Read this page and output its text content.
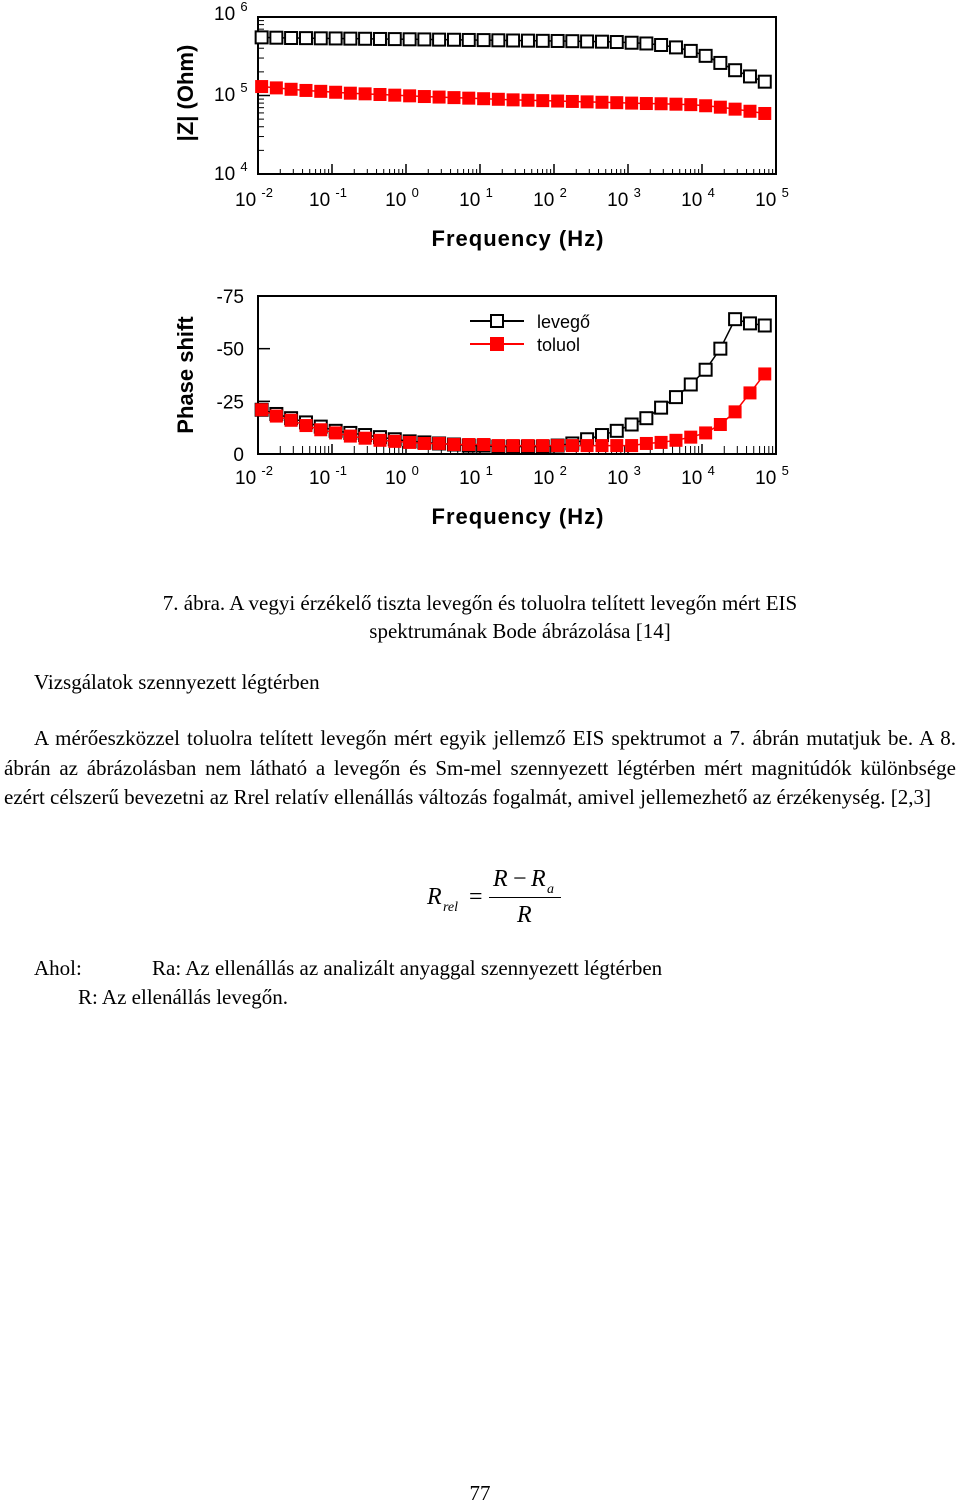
|Z| (Ohm)
Frequency (Hz)
10 $^{-2}$ 10 $^{-1}$ 10 $^0$ 10 $^1$ 10 $^2$ 10 $^3$ 10 $^4$ 10 $^5$
10 $^6$
10 $^5$
10 $^4$
Phase shift
Frequency (Hz)
10 $^{-2}$ 10 $^{-1}$ 10 $^0$ 10 $^1$ 10 $^2$ 10 $^3$ 10 $^4$ 10 $^5$
-75
-50
-25
0
levegő
toluol
7. ábra. A vegyi érzékelő tiszta levegőn és toluolra telített levegőn mért EIS
spektrumának Bode ábrázolása [14]
Vizsgálatok szennyezett légtérben

A mérőeszközzel toluolra telített levegőn mért egyik jellemző EIS spektrumot a 7. ábrán mutatjuk be. A 8. ábrán az ábrázolásban nem látható a levegőn és Sm-mel szennyezett légtérben mért magnitúdók különbsége ezért célszerű bevezetni az Rrel relatív ellenállás változás fogalmát, amivel jellemezhető az érzékenység. [2,3]

R rel =
R − R a
R
Ahol:	Ra: Az ellenállás az analizált anyaggal szennyezett légtérben
R: Az ellenállás levegőn.
77
